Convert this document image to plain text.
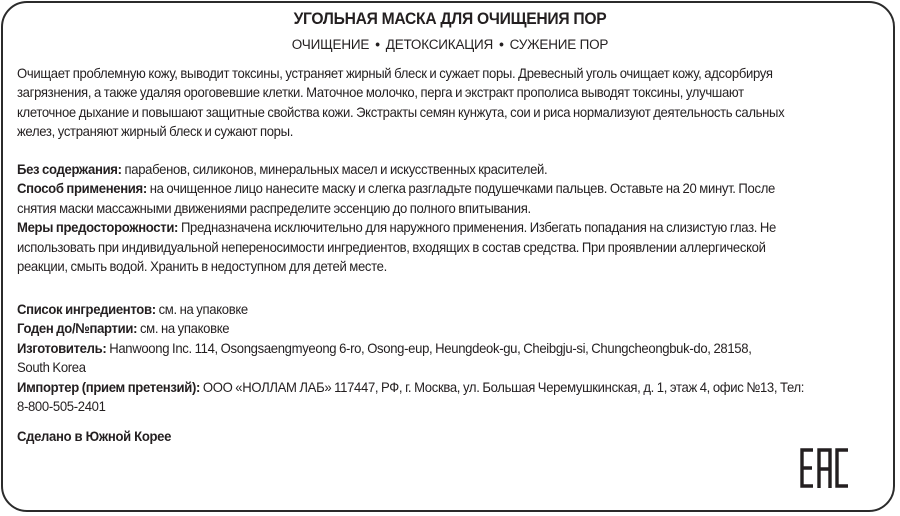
УГОЛЬНАЯ МАСКА ДЛЯ ОЧИЩЕНИЯ ПОР
ОЧИЩЕНИЕ • ДЕТОКСИКАЦИЯ • СУЖЕНИЕ ПОР

Очищает проблемную кожу, выводит токсины, устраняет жирный блеск и сужает поры. Древесный уголь очищает кожу, адсорбируя

загрязнения, а также удаляя ороговевшие клетки. Маточное молочко, перга и экстракт прополиса выводят токсины, улучшают

клеточное дыхание и повышают защитные свойства кожи. Экстракты семян кунжута, сои и риса нормализуют деятельность сальных

желез, устраняют жирный блеск и сужают поры.

Без содержания: парабенов, силиконов, минеральных масел и искусственных красителей.

Способ применения: на очищенное лицо нанесите маску и слегка разгладьте подушечками пальцев. Оставьте на 20 минут. После

снятия маски массажными движениями распределите эссенцию до полного впитывания.

Меры предосторожности: Предназначена исключительно для наружного применения. Избегать попадания на слизистую глаз. Не

использовать при индивидуальной непереносимости ингредиентов, входящих в состав средства. При проявлении аллергической

реакции, смыть водой. Хранить в недоступном для детей месте.

Список ингредиентов: см. на упаковке

Годен до/№партии: см. на упаковке

Изготовитель: Hanwoong Inc. 114, Osongsaengmyeong 6-ro, Osong-eup, Heungdeok-gu, Cheibgju-si, Chungcheongbuk-do, 28158,

South Korea

Импортер (прием претензий): ООО «НОЛЛАМ ЛАБ» 117447, РФ, г. Москва, ул. Большая Черемушкинская, д. 1, этаж 4, офис №13, Тел:

8-800-505-2401

Сделано в Южной Корее
